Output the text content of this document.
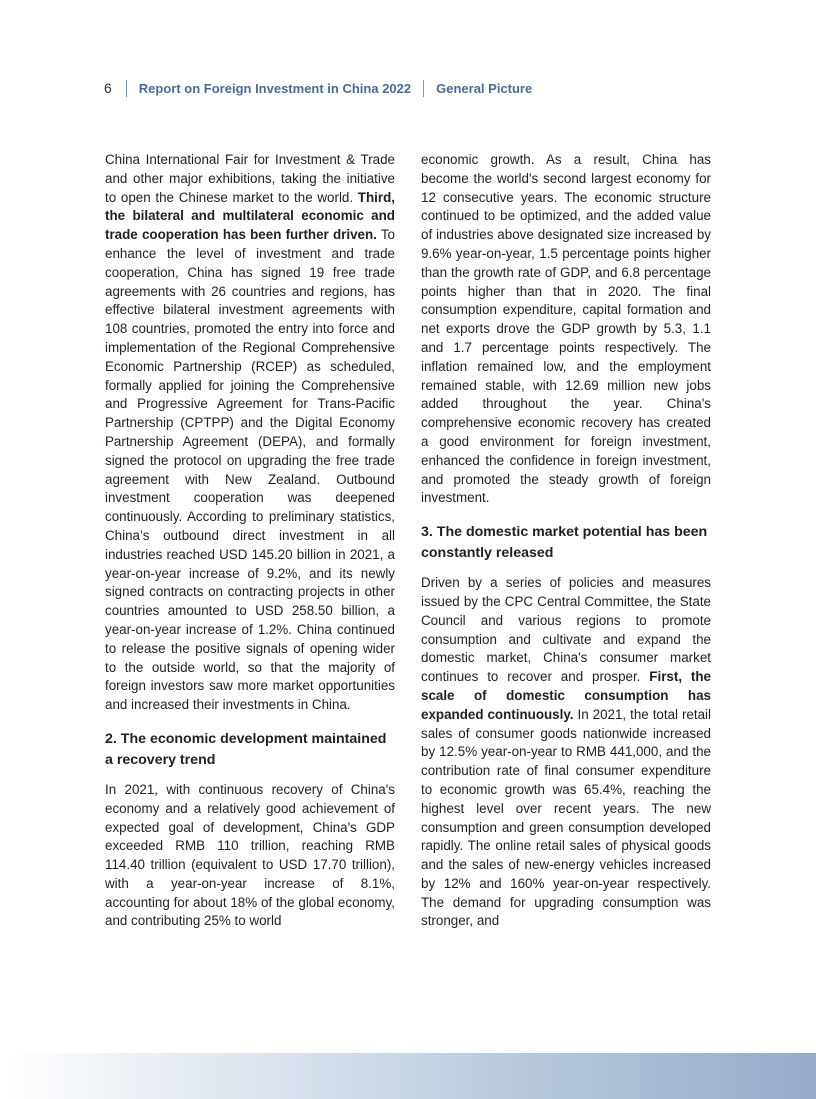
6 Report on Foreign Investment in China 2022 General Picture

China International Fair for Investment & Trade and other major exhibitions, taking the initiative to open the Chinese market to the world. Third, the bilateral and multilateral economic and trade cooperation has been further driven. To enhance the level of investment and trade cooperation, China has signed 19 free trade agreements with 26 countries and regions, has effective bilateral investment agreements with 108 countries, promoted the entry into force and implementation of the Regional Comprehensive Economic Partnership (RCEP) as scheduled, formally applied for joining the Comprehensive and Progressive Agreement for Trans-Pacific Partnership (CPTPP) and the Digital Economy Partnership Agreement (DEPA), and formally signed the protocol on upgrading the free trade agreement with New Zealand. Outbound investment cooperation was deepened continuously. According to preliminary statistics, China’s outbound direct investment in all industries reached USD 145.20 billion in 2021, a year-on-year increase of 9.2%, and its newly signed contracts on contracting projects in other countries amounted to USD 258.50 billion, a year-on-year increase of 1.2%. China continued to release the positive signals of opening wider to the outside world, so that the majority of foreign investors saw more market opportunities and increased their investments in China.

2. The economic development maintained a recovery trend

In 2021, with continuous recovery of China's economy and a relatively good achievement of expected goal of development, China's GDP exceeded RMB 110 trillion, reaching RMB 114.40 trillion (equivalent to USD 17.70 trillion), with a year-on-year increase of 8.1%, accounting for about 18% of the global economy, and contributing 25% to world

economic growth. As a result, China has become the world's second largest economy for 12 consecutive years. The economic structure continued to be optimized, and the added value of industries above designated size increased by 9.6% year-on-year, 1.5 percentage points higher than the growth rate of GDP, and 6.8 percentage points higher than that in 2020. The final consumption expenditure, capital formation and net exports drove the GDP growth by 5.3, 1.1 and 1.7 percentage points respectively. The inflation remained low, and the employment remained stable, with 12.69 million new jobs added throughout the year. China's comprehensive economic recovery has created a good environment for foreign investment, enhanced the confidence in foreign investment, and promoted the steady growth of foreign investment.

3. The domestic market potential has been constantly released

Driven by a series of policies and measures issued by the CPC Central Committee, the State Council and various regions to promote consumption and cultivate and expand the domestic market, China's consumer market continues to recover and prosper. First, the scale of domestic consumption has expanded continuously. In 2021, the total retail sales of consumer goods nationwide increased by 12.5% year-on-year to RMB 441,000, and the contribution rate of final consumer expenditure to economic growth was 65.4%, reaching the highest level over recent years. The new consumption and green consumption developed rapidly. The online retail sales of physical goods and the sales of new-energy vehicles increased by 12% and 160% year-on-year respectively. The demand for upgrading consumption was stronger, and
